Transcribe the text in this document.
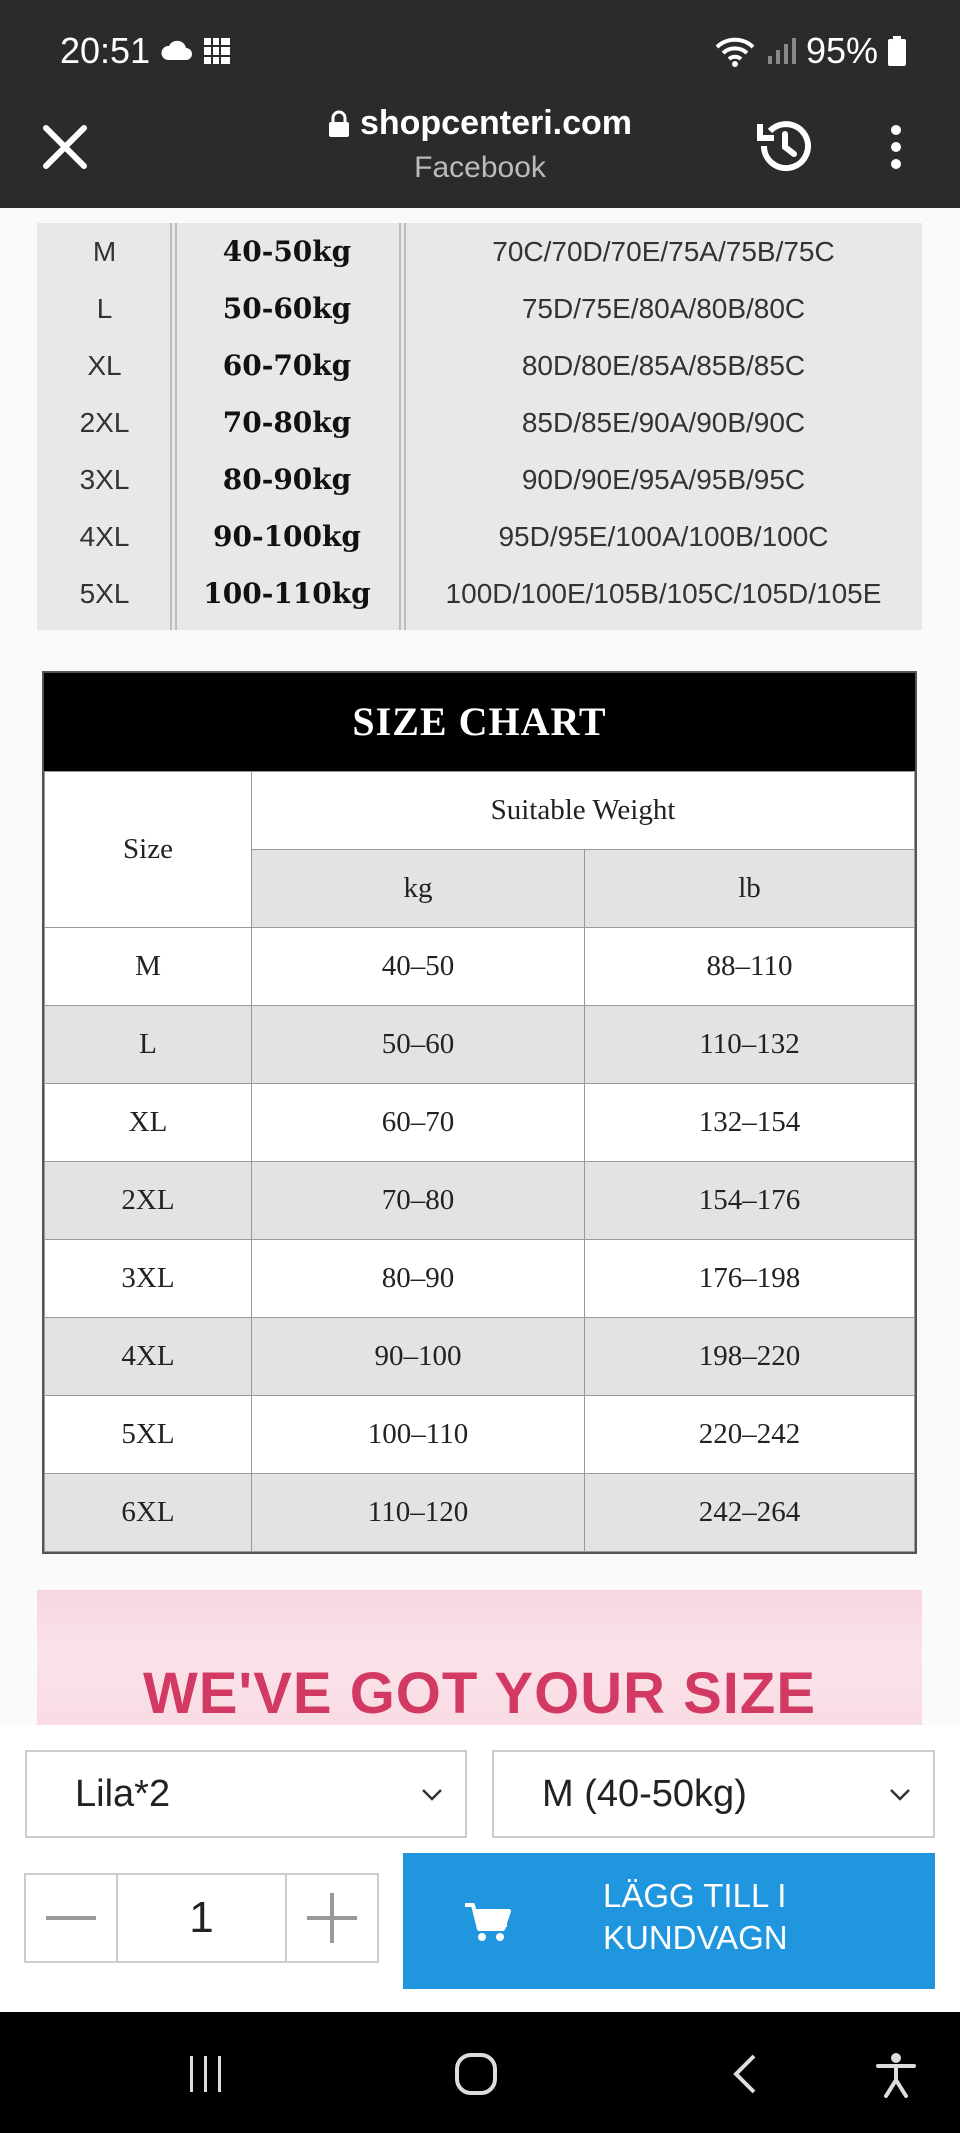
20:51	95%
shopcenteri.com
Facebook
M	40-50kg	70C/70D/70E/75A/75B/75C
L	50-60kg	75D/75E/80A/80B/80C
XL	60-70kg	80D/80E/85A/85B/85C
2XL	70-80kg	85D/85E/90A/90B/90C
3XL	80-90kg	90D/90E/95A/95B/95C
4XL	90-100kg	95D/95E/100A/100B/100C
5XL	100-110kg	100D/100E/105B/105C/105D/105E
SIZE CHART
Size	Suitable Weight	
	kg	lb
M	40–50	88–110
L	50–60	110–132
XL	60–70	132–154
2XL	70–80	154–176
3XL	80–90	176–198
4XL	90–100	198–220
5XL	100–110	220–242
6XL	110–120	242–264
WE'VE GOT YOUR SIZE
Lila*2	M (40-50kg)
1	LÄGG TILL I
KUNDVAGN
